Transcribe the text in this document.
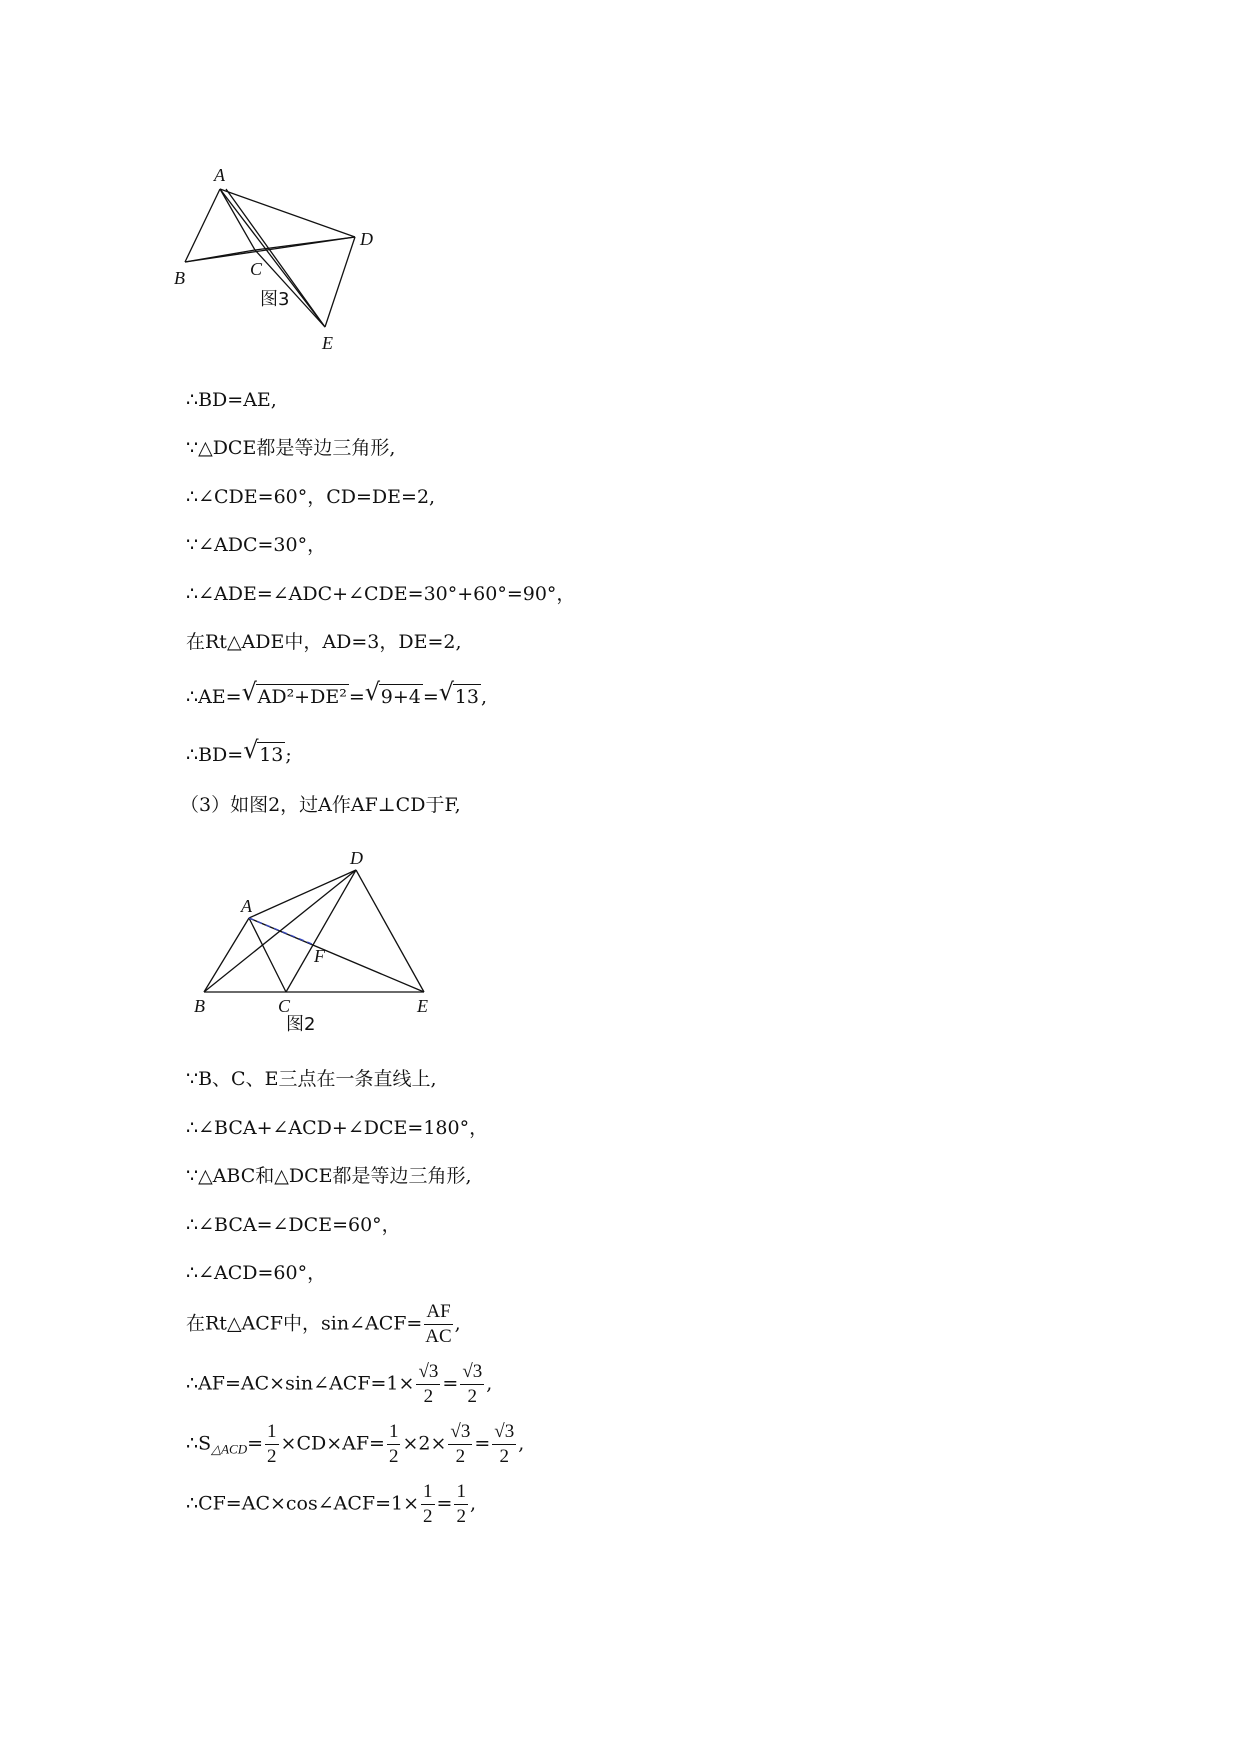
A
B	C
D
E
图3
∴BD=AE,
∵△DCE都是等边三角形,
∴∠CDE=60°，CD=DE=2,
∵∠ADC=30°，
∴∠ADE=∠ADC+∠CDE=30°+60°=90°，
在Rt△ADE中，AD=3，DE=2,
∴AE= √ AD²+DE² = √ 9+4 = √ 13 ,
∴BD= √ 13 ;
（3）如图2，过A作AF⊥CD于F,
A
B	C
D
E
F
图2
∵B、C、E三点在一条直线上,
∴∠BCA+∠ACD+∠DCE=180°，
∵△ABC和△DCE都是等边三角形,
∴∠BCA=∠DCE=60°，
∴∠ACD=60°，
在Rt△ACF中，sin∠ACF= $\frac{AF}{AC}$ ,
∴AF=AC×sin∠ACF=1× $\frac{√3}{2} = \frac{√3}{2}$ ,
$\therefore S_{\triangle ACD}= \frac{1}{2} \times CD\times AF= \frac{1}{2} \times 2\times \frac{√3}{2} = \frac{√3}{2}$ ,
∴CF=AC×cos∠ACF=1× $\frac{1}{2} = \frac{1}{2}$ ,
